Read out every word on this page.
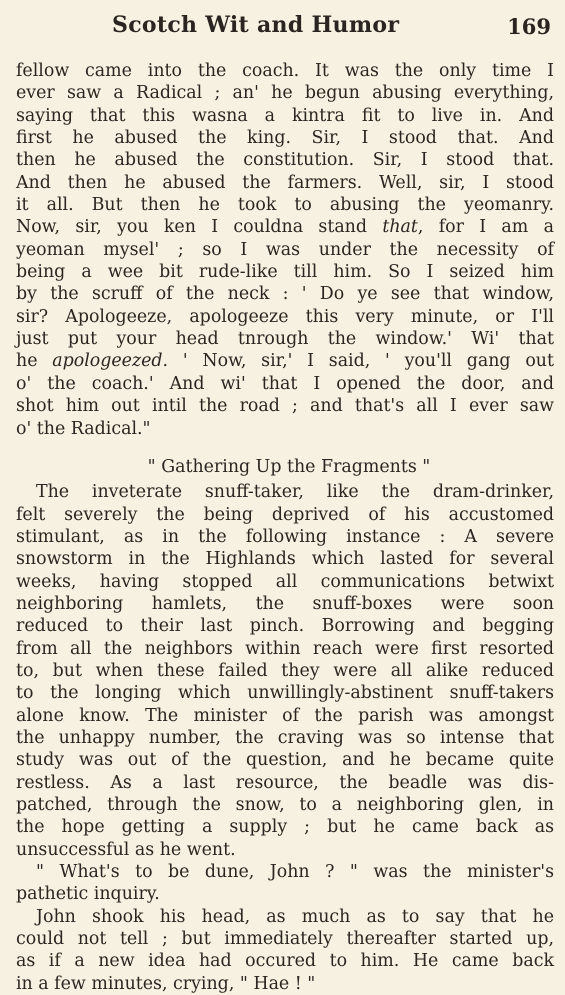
Scotch Wit and Humor	169
fellow came into the coach. It was the only time I
ever saw a Radical ; an' he begun abusing everything,
saying that this wasna a kintra fit to live in. And
first he abused the king. Sir, I stood that. And
then he abused the constitution. Sir, I stood that.
And then he abused the farmers. Well, sir, I stood
it all. But then he took to abusing the yeomanry.
Now, sir, you ken I couldna stand that, for I am a
yeoman mysel' ; so I was under the necessity of
being a wee bit rude-like till him. So I seized him
by the scruff of the neck : ' Do ye see that window,
sir? Apologeeze, apologeeze this very minute, or I'll
just put your head tnrough the window.' Wi' that
he apologeezed. ' Now, sir,' I said, ' you'll gang out
o' the coach.' And wi' that I opened the door, and
shot him out intil the road ; and that's all I ever saw
o' the Radical."
" Gathering Up the Fragments "
The inveterate snuff-taker, like the dram-drinker,
felt severely the being deprived of his accustomed
stimulant, as in the following instance : A severe
snowstorm in the Highlands which lasted for several
weeks, having stopped all communications betwixt
neighboring hamlets, the snuff-boxes were soon
reduced to their last pinch. Borrowing and begging
from all the neighbors within reach were first resorted
to, but when these failed they were all alike reduced
to the longing which unwillingly-abstinent snuff-takers
alone know. The minister of the parish was amongst
the unhappy number, the craving was so intense that
study was out of the question, and he became quite
restless. As a last resource, the beadle was dis-
patched, through the snow, to a neighboring glen, in
the hope getting a supply ; but he came back as
unsuccessful as he went.
" What's to be dune, John ? " was the minister's
pathetic inquiry.
John shook his head, as much as to say that he
could not tell ; but immediately thereafter started up,
as if a new idea had occured to him. He came back
in a few minutes, crying, " Hae ! "
